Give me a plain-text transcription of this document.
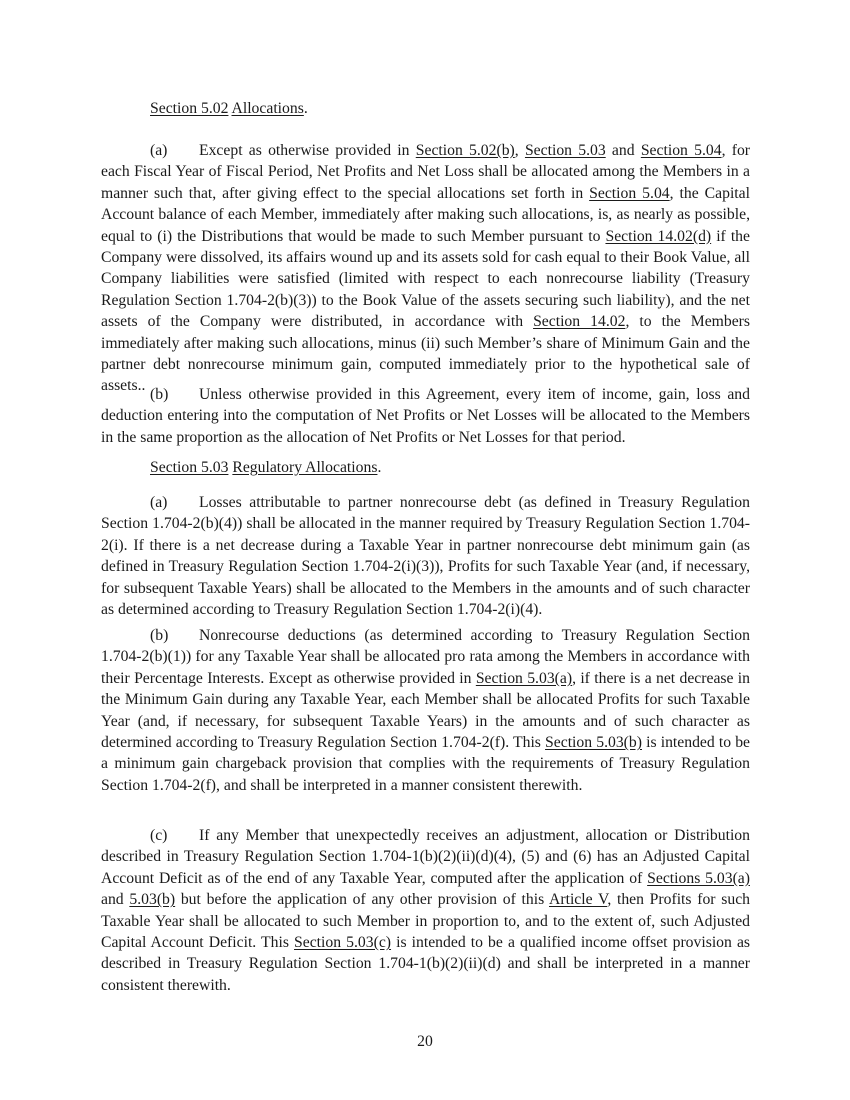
Section 5.02 Allocations.

(a) Except as otherwise provided in Section 5.02(b), Section 5.03 and Section 5.04, for each Fiscal Year of Fiscal Period, Net Profits and Net Loss shall be allocated among the Members in a manner such that, after giving effect to the special allocations set forth in Section 5.04, the Capital Account balance of each Member, immediately after making such allocations, is, as nearly as possible, equal to (i) the Distributions that would be made to such Member pursuant to Section 14.02(d) if the Company were dissolved, its affairs wound up and its assets sold for cash equal to their Book Value, all Company liabilities were satisfied (limited with respect to each nonrecourse liability (Treasury Regulation Section 1.704-2(b)(3)) to the Book Value of the assets securing such liability), and the net assets of the Company were distributed, in accordance with Section 14.02, to the Members immediately after making such allocations, minus (ii) such Member’s share of Minimum Gain and the partner debt nonrecourse minimum gain, computed immediately prior to the hypothetical sale of assets..

(b) Unless otherwise provided in this Agreement, every item of income, gain, loss and deduction entering into the computation of Net Profits or Net Losses will be allocated to the Members in the same proportion as the allocation of Net Profits or Net Losses for that period.

Section 5.03 Regulatory Allocations.

(a) Losses attributable to partner nonrecourse debt (as defined in Treasury Regulation Section 1.704-2(b)(4)) shall be allocated in the manner required by Treasury Regulation Section 1.704-2(i). If there is a net decrease during a Taxable Year in partner nonrecourse debt minimum gain (as defined in Treasury Regulation Section 1.704-2(i)(3)), Profits for such Taxable Year (and, if necessary, for subsequent Taxable Years) shall be allocated to the Members in the amounts and of such character as determined according to Treasury Regulation Section 1.704-2(i)(4).

(b) Nonrecourse deductions (as determined according to Treasury Regulation Section 1.704-2(b)(1)) for any Taxable Year shall be allocated pro rata among the Members in accordance with their Percentage Interests. Except as otherwise provided in Section 5.03(a), if there is a net decrease in the Minimum Gain during any Taxable Year, each Member shall be allocated Profits for such Taxable Year (and, if necessary, for subsequent Taxable Years) in the amounts and of such character as determined according to Treasury Regulation Section 1.704-2(f). This Section 5.03(b) is intended to be a minimum gain chargeback provision that complies with the requirements of Treasury Regulation Section 1.704-2(f), and shall be interpreted in a manner consistent therewith.

(c) If any Member that unexpectedly receives an adjustment, allocation or Distribution described in Treasury Regulation Section 1.704-1(b)(2)(ii)(d)(4), (5) and (6) has an Adjusted Capital Account Deficit as of the end of any Taxable Year, computed after the application of Sections 5.03(a) and 5.03(b) but before the application of any other provision of this Article V, then Profits for such Taxable Year shall be allocated to such Member in proportion to, and to the extent of, such Adjusted Capital Account Deficit. This Section 5.03(c) is intended to be a qualified income offset provision as described in Treasury Regulation Section 1.704-1(b)(2)(ii)(d) and shall be interpreted in a manner consistent therewith.

20
